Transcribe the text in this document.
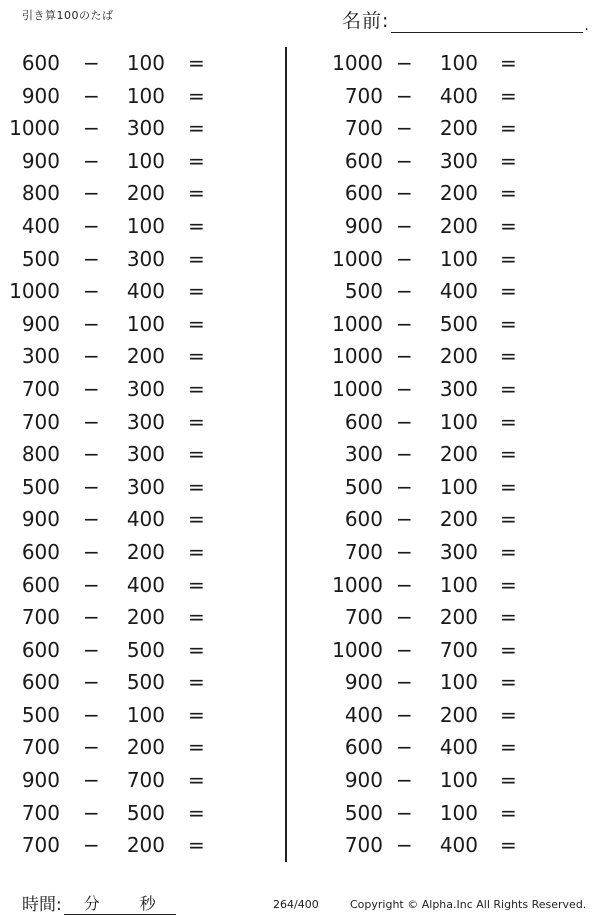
引き算100のたば	名前:	.
600 − 100 =
900 − 100 =
1000 − 300 =
900 − 100 =
800 − 200 =
400 − 100 =
500 − 300 =
1000 − 400 =
900 − 100 =
300 − 200 =
700 − 300 =
700 − 300 =
800 − 300 =
500 − 300 =
900 − 400 =
600 − 200 =
600 − 400 =
700 − 200 =
600 − 500 =
600 − 500 =
500 − 100 =
700 − 200 =
900 − 700 =
700 − 500 =
700 − 200 =
1000 − 100 =
700 − 400 =
700 − 200 =
600 − 300 =
600 − 200 =
900 − 200 =
1000 − 100 =
500 − 400 =
1000 − 500 =
1000 − 200 =
1000 − 300 =
600 − 100 =
300 − 200 =
500 − 100 =
600 − 200 =
700 − 300 =
1000 − 100 =
700 − 200 =
1000 − 700 =
900 − 100 =
400 − 200 =
600 − 400 =
900 − 100 =
500 − 100 =
700 − 400 =
時間: 分 秒	264/400	Copyright © Alpha.Inc All Rights Reserved.
